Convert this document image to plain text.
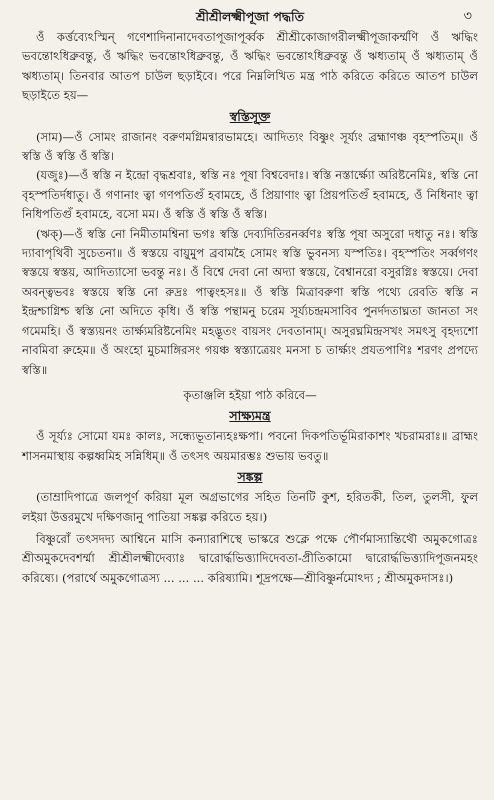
শ্রীশ্রীলক্ষ্মীপূজা পদ্ধতি	৩

ওঁ কর্ত্তব্যেঽস্মিন্‌ গণেশাদিনানাদেবতাপূজাপূর্ব্বক শ্রীশ্রীকোজাগরীলক্ষ্মীপূজাকর্ম্মণি ওঁ ঋদ্ধিং ভবন্তোঽধিব্রুবন্তু, ওঁ ঋদ্ধিং ভবন্তোঽধিব্রুবন্তু, ওঁ ঋদ্ধিং ভবন্তোঽধিব্রুবন্তু ওঁ ঋধ্যতাম্‌ ওঁ ঋধ্যতাম্‌ ওঁ ঋধ্যতাম্‌। তিনবার আতপ চাউল ছড়াইবে। পরে নিম্নলিখিত মন্ত্র পাঠ করিতে করিতে আতপ চাউল ছড়াইতে হয়—

স্বস্তিসূক্ত

(সাম)—ওঁ সোমং রাজানং বরুণমগ্নিমন্বারভামহে। আদিত্যং বিষ্ণুং সূর্য্যং ব্রহ্মাণঞ্চ বৃহস্পতিম্‌॥ ওঁ স্বস্তি ওঁ স্বস্তি ওঁ স্বস্তি।

(যজুঃ)—ওঁ স্বস্তি ন ইন্দ্রো বৃদ্ধশ্রবাঃ, স্বস্তি নঃ পূষা বিশ্ববেদাঃ। স্বস্তি নস্তার্ক্ষ্যো অরিষ্টনেমিঃ, স্বস্তি নো বৃহস্পতির্দধাতু। ওঁ গণানাং ত্বা গণপতিগুঁ হবামহে, ওঁ প্রিয়াণাং ত্বা প্রিয়পতিগুঁ হবামহে, ওঁ নিধিনাং ত্বা নিধিপতিগুঁ হবামহে, বসো মম। ওঁ স্বস্তি ওঁ স্বস্তি ওঁ স্বস্তি।

(ঋক্‌)—ওঁ স্বস্তি নো নিমীতামশ্বিনা ভগঃ স্বস্তি দেব্যদিতিরনর্ব্বণঃ স্বস্তি পূষা অসুরো দধাতু নঃ। স্বস্তি দ্যাবাপৃথিবী সুচেতনা॥ ওঁ স্বস্তয়ে বায়ুমুপ ব্রবামহৈ সোমং স্বস্তি ভুবনস্য যস্পতিঃ। বৃহস্পতিং সর্ব্বগণং স্বস্তয়ে স্বস্তয়, আদিত্যাসো ভবন্তু নঃ। ওঁ বিশ্বে দেবা নো অদ্যা স্বস্তয়ে, বৈশ্বানরো বসুরগ্নিঃ স্বস্তয়ে। দেবা অবন্ত্বভবঃ স্বস্তয়ে স্বস্তি নো রুদ্রঃ পাত্বংহসঃ॥ ওঁ স্বস্তি মিত্রাবরুণা স্বস্তি পথ্যে রেবতি স্বস্তি ন ইন্দ্রশ্চাগ্নিশ্চ স্বস্তি নো অদিতে কৃধি। ওঁ স্বস্তি পন্থামনু চরেম সূর্য্যচন্দ্রমসাবিব পুনর্দদতাঘ্নতা জানতা সং গমেমহি। ওঁ স্বস্ত্যয়নং তার্ক্ষ্যমরিষ্টনেমিং মহদ্ভূতং বায়সং দেবতানাম্‌। অসুরঘ্নমিন্দ্রসখং সমৎসু বৃহদ্যশো নাবমিবা রুহেম॥ ওঁ অংহো মুচমাঙ্গিরসং গয়ঞ্চ স্বস্ত্যাত্রেয়ং মনসা চ তার্ক্ষ্যং প্রযতপাণিঃ শরণং প্রপদ্যে স্বস্তি॥

কৃতাঞ্জলি হইয়া পাঠ করিবে—
সাক্ষ্যমন্ত্র

ওঁ সূর্য্যঃ সোমো যমঃ কালঃ, সন্ধ্যেভূতান্যহঃক্ষপা। পবনো দিকপতির্ভূমিরাকাশং খচরামরাঃ॥ ব্রাহ্মং শাসনমাস্থায় কল্পধ্বমিহ সন্নিধিম্‌॥ ওঁ তৎসৎ অয়মারম্ভঃ শুভায় ভবতু॥

সঙ্কল্প

(তাম্রাদিপাত্রে জলপূর্ণ করিয়া মূল অগ্রভাগের সহিত তিনটি কুশ, হরিতকী, তিল, তুলসী, ফুল লইয়া উত্তরমুখে দক্ষিণজানু পাতিয়া সঙ্কল্প করিতে হয়।)

বিষ্ণুরোঁ তৎসদদ্য আশ্বিনে মাসি কন্যারাশিস্থে ভাস্করে শুক্লে পক্ষে পৌর্ণমাস্যান্তিথৌ অমুকগোত্রঃ শ্রীঅমুকদেবশর্ম্মা শ্রীশ্রীলক্ষ্মীদেব্যাঃ দ্বারোর্দ্ধভিত্ত্যাদিদেবতা-প্রীতিকামো দ্বারোর্দ্ধভিত্ত্যাদিপূজনমহং করিষ্যে। (পরার্থে অমুকগোত্রস্য ... ... ... করিষ্যামি। শূদ্রপক্ষে—শ্রীবিষ্ণুর্নমোঽদ্য ; শ্রীঅমুকদাসঃ।)
